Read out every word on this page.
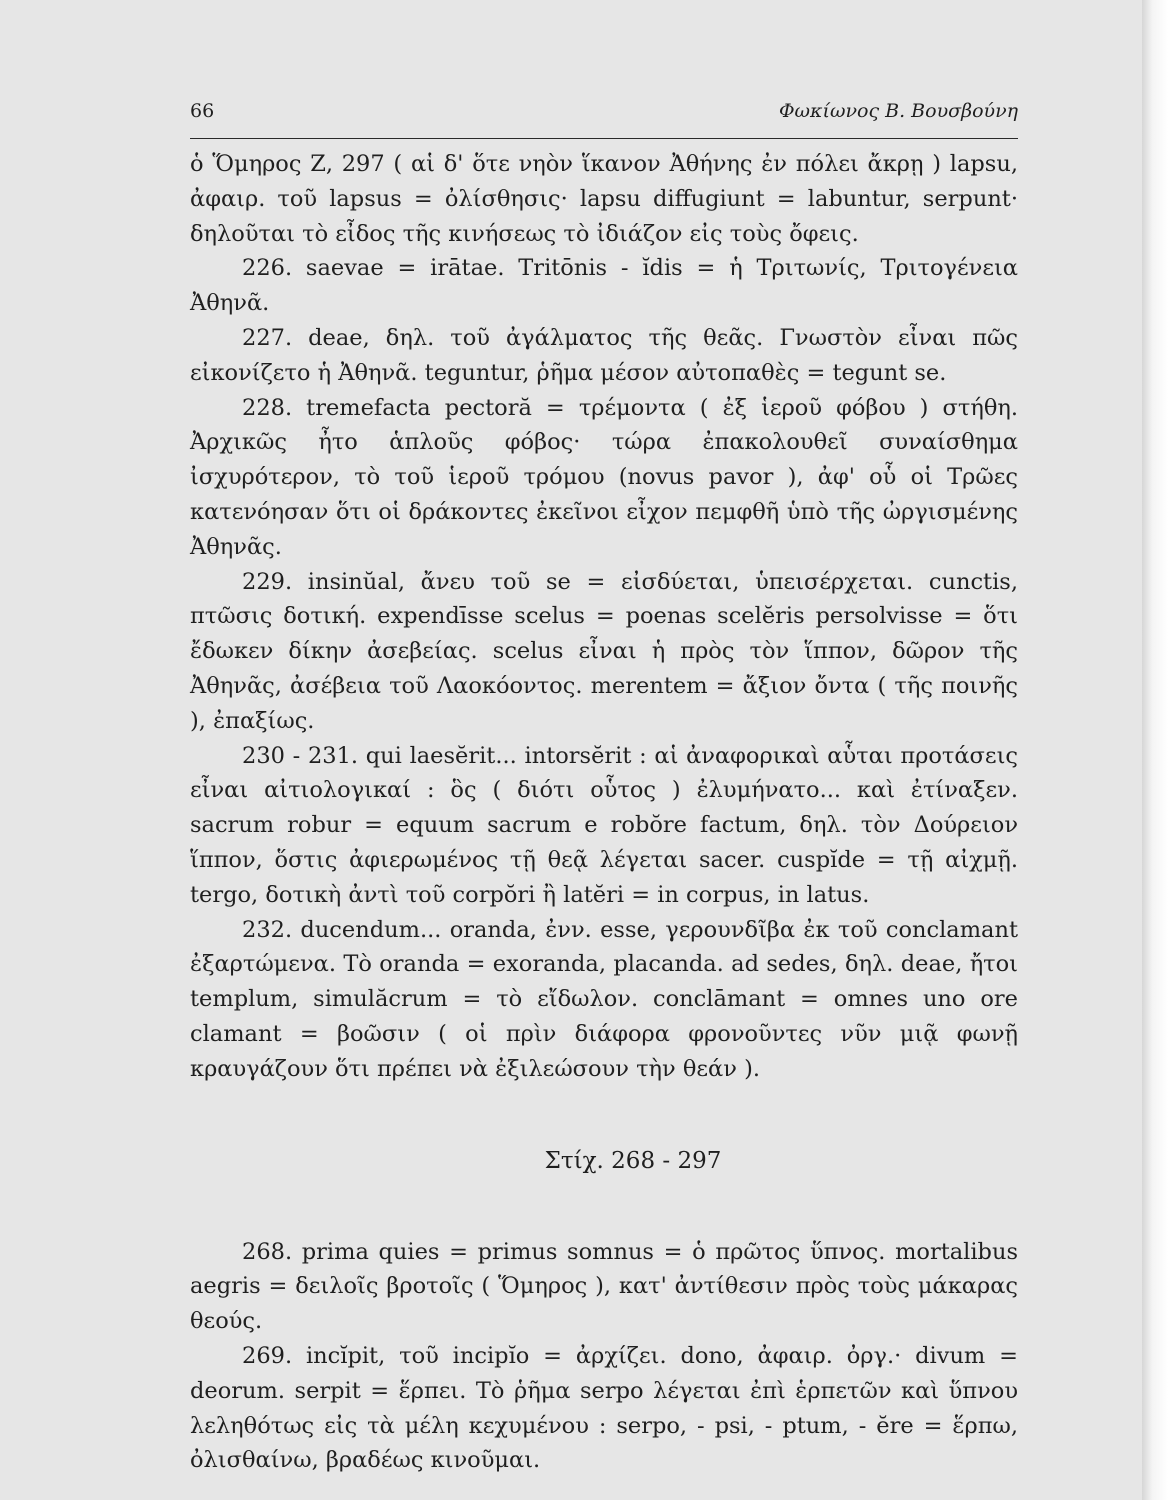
66	Φωκίωνος Β. Βουσβούνη

ὁ Ὅμηρος Ζ, 297 ( αἱ δ' ὅτε νηὸν ἵκανον Ἀθήνης ἐν πόλει ἄκρῃ ) lapsu, ἀφαιρ. τοῦ lapsus = ὀλίσθησις· lapsu diffugiunt = labuntur, serpunt· δηλοῦται τὸ εἶδος τῆς κινήσεως τὸ ἰδιάζον εἰς τοὺς ὄφεις.

226. saevae = irātae. Tritōnis - ĭdis = ἡ Τριτωνίς, Τριτογένεια Ἀθηνᾶ.

227. deae, δηλ. τοῦ ἀγάλματος τῆς θεᾶς. Γνωστὸν εἶναι πῶς εἰκονίζετο ἡ Ἀθηνᾶ. teguntur, ῥῆμα μέσον αὐτοπαθὲς = tegunt se.

228. tremefacta pectoră = τρέμοντα ( ἐξ ἱεροῦ φόβου ) στήθη. Ἀρχικῶς ἦτο ἁπλοῦς φόβος· τώρα ἐπακολουθεῖ συναίσθημα ἰσχυρότερον, τὸ τοῦ ἱεροῦ τρόμου (novus pavor ), ἀφ' οὗ οἱ Τρῶες κατενόησαν ὅτι οἱ δράκοντες ἐκεῖνοι εἶχον πεμφθῆ ὑπὸ τῆς ὠργισμένης Ἀθηνᾶς.

229. insinŭal, ἄνευ τοῦ se = εἰσδύεται, ὑπεισέρχεται. cunctis, πτῶσις δοτική. expendīsse scelus = poenas scelĕris persolvisse = ὅτι ἔδωκεν δίκην ἀσεβείας. scelus εἶναι ἡ πρὸς τὸν ἵππον, δῶρον τῆς Ἀθηνᾶς, ἀσέβεια τοῦ Λαοκόοντος. merentem = ἄξιον ὄντα ( τῆς ποινῆς ), ἐπαξίως.

230 - 231. qui laesĕrit... intorsĕrit : αἱ ἀναφορικαὶ αὗται προτάσεις εἶναι αἰτιολογικαί : ὃς ( διότι οὗτος ) ἐλυμήνατο... καὶ ἐτίναξεν. sacrum robur = equum sacrum e robŏre factum, δηλ. τὸν Δούρειον ἵππον, ὅστις ἀφιερωμένος τῇ θεᾷ λέγεται sacer. cuspĭde = τῇ αἰχμῇ. tergo, δοτικὴ ἀντὶ τοῦ corpŏri ἢ latĕri = in corpus, in latus.

232. ducendum... oranda, ἐνν. esse, γερουνδῖβα ἐκ τοῦ conclamant ἐξαρτώμενα. Τὸ oranda = exoranda, placanda. ad sedes, δηλ. deae, ἤτοι templum, simulăcrum = τὸ εἴδωλον. conclāmant = omnes uno ore clamant = βοῶσιν ( οἱ πρὶν διάφορα φρονοῦντες νῦν μιᾷ φωνῇ κραυγάζουν ὅτι πρέπει νὰ ἐξιλεώσουν τὴν θεάν ).

Στίχ. 268 - 297

268. prima quies = primus somnus = ὁ πρῶτος ὕπνος. mortalibus aegris = δειλοῖς βροτοῖς ( Ὅμηρος ), κατ' ἀντίθεσιν πρὸς τοὺς μάκαρας θεούς.

269. incĭpit, τοῦ incipĭo = ἀρχίζει. dono, ἀφαιρ. ὀργ.· divum = deorum. serpit = ἕρπει. Τὸ ῥῆμα serpo λέγεται ἐπὶ ἑρπετῶν καὶ ὕπνου λεληθότως εἰς τὰ μέλη κεχυμένου : serpo, - psi, - ptum, - ĕre = ἕρπω, ὀλισθαίνω, βραδέως κινοῦμαι.
